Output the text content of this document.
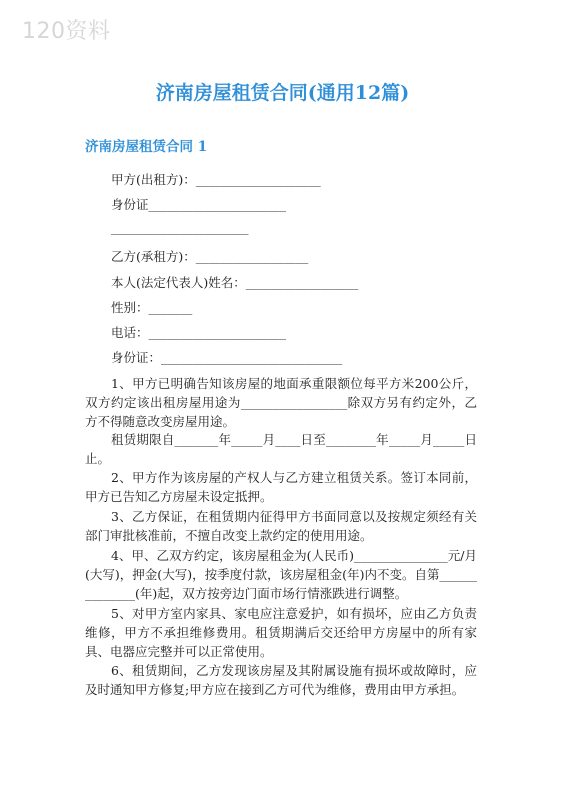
120资料
济南房屋租赁合同(通用12篇)
济南房屋租赁合同 1
甲方(出租方)：____________________
身份证______________________
______________________
乙方(承租方)：__________________
本人(法定代表人)姓名：__________________
性别：_______
电话：______________________
身份证：_____________________________

1、甲方已明确告知该房屋的地面承重限额位每平方米200公斤，双方约定该出租房屋用途为_________________除双方另有约定外，乙方不得随意改变房屋用途。

租赁期限自_______年_____月____日至________年_____月_____日止。

2、甲方作为该房屋的产权人与乙方建立租赁关系。签订本同前，甲方已告知乙方房屋未设定抵押。

3、乙方保证，在租赁期内征得甲方书面同意以及按规定须经有关部门审批核准前，不擅自改变上款约定的使用用途。

4、甲、乙双方约定，该房屋租金为(人民币)_______________元/月(大写)，押金(大写)，按季度付款，该房屋租金(年)内不变。自第______________(年)起，双方按旁边门面市场行情涨跌进行调整。

5、对甲方室内家具、家电应注意爱护，如有损坏，应由乙方负责维修，甲方不承担维修费用。租赁期满后交还给甲方房屋中的所有家具、电器应完整并可以正常使用。

6、租赁期间，乙方发现该房屋及其附属设施有损坏或故障时，应及时通知甲方修复;甲方应在接到乙方可代为维修，费用由甲方承担。
